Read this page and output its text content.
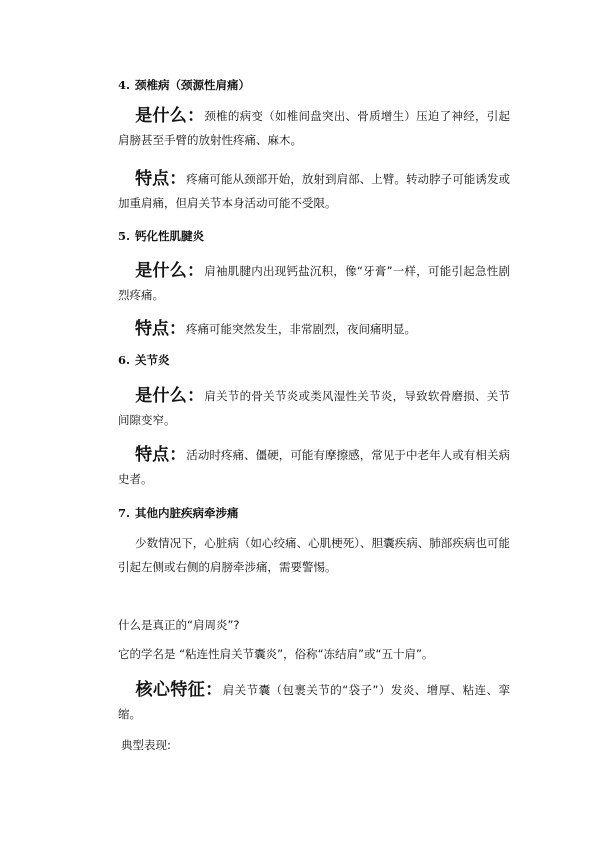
4. 颈椎病（颈源性肩痛）
是什么：颈椎的病变（如椎间盘突出、骨质增生）压迫了神经，引起肩膀甚至手臂的放射性疼痛、麻木。
特点：疼痛可能从颈部开始，放射到肩部、上臂。转动脖子可能诱发或加重肩痛，但肩关节本身活动可能不受限。
5. 钙化性肌腱炎
是什么：肩袖肌腱内出现钙盐沉积，像“牙膏”一样，可能引起急性剧烈疼痛。
特点：疼痛可能突然发生，非常剧烈，夜间痛明显。
6. 关节炎
是什么：肩关节的骨关节炎或类风湿性关节炎，导致软骨磨损、关节间隙变窄。
特点：活动时疼痛、僵硬，可能有摩擦感，常见于中老年人或有相关病史者。
7. 其他内脏疾病牵涉痛
少数情况下，心脏病（如心绞痛、心肌梗死）、胆囊疾病、肺部疾病也可能引起左侧或右侧的肩膀牵涉痛，需要警惕。
什么是真正的“肩周炎”?
它的学名是 “粘连性肩关节囊炎”，俗称“冻结肩”或“五十肩”。
核心特征：肩关节囊（包裹关节的“袋子”）发炎、增厚、粘连、挛缩。
典型表现:
